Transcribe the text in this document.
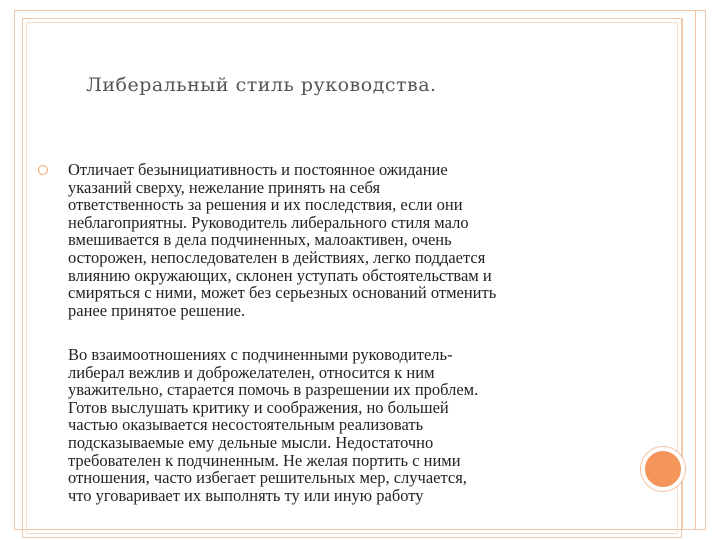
Либеральный стиль руководства.
Отличает безынициативность и постоянное ожидание
указаний сверху, нежелание принять на себя
ответственность за решения и их последствия, если они
неблагоприятны. Руководитель либерального стиля мало
вмешивается в дела подчиненных, малоактивен, очень
осторожен, непоследователен в действиях, легко поддается
влиянию окружающих, склонен уступать обстоятельствам и
смиряться с ними, может без серьезных оснований отменить
ранее принятое решение.
Во взаимоотношениях с подчиненными руководитель-
либерал вежлив и доброжелателен, относится к ним
уважительно, старается помочь в разрешении их проблем.
Готов выслушать критику и соображения, но большей
частью оказывается несостоятельным реализовать
подсказываемые ему дельные мысли. Недостаточно
требователен к подчиненным. Не желая портить с ними
отношения, часто избегает решительных мер, случается,
что уговаривает их выполнять ту или иную работу
